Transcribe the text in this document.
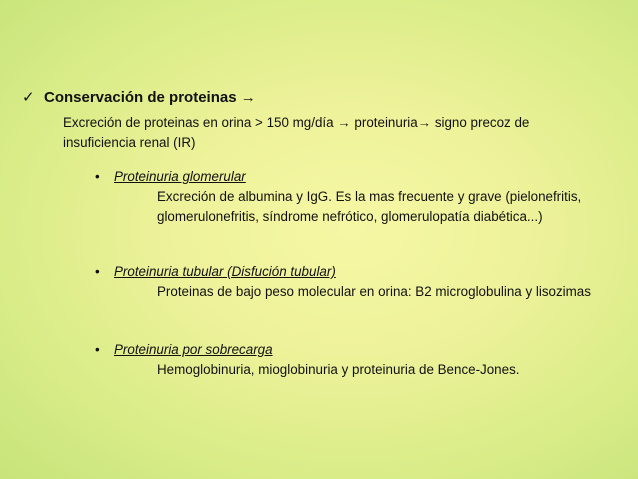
✓ Conservación de proteinas →
Excreción de proteinas en orina > 150 mg/día → proteinuria→ signo precoz de insuficiencia renal (IR)
• Proteinuria glomerular
Excreción de albumina y IgG. Es la mas frecuente y grave (pielonefritis, glomerulonefritis, síndrome nefrótico, glomerulopatía diabética...)
• Proteinuria tubular (Disfución tubular)
Proteinas de bajo peso molecular en orina: B2 microglobulina y lisozimas
• Proteinuria por sobrecarga
Hemoglobinuria, mioglobinuria y proteinuria de Bence-Jones.
